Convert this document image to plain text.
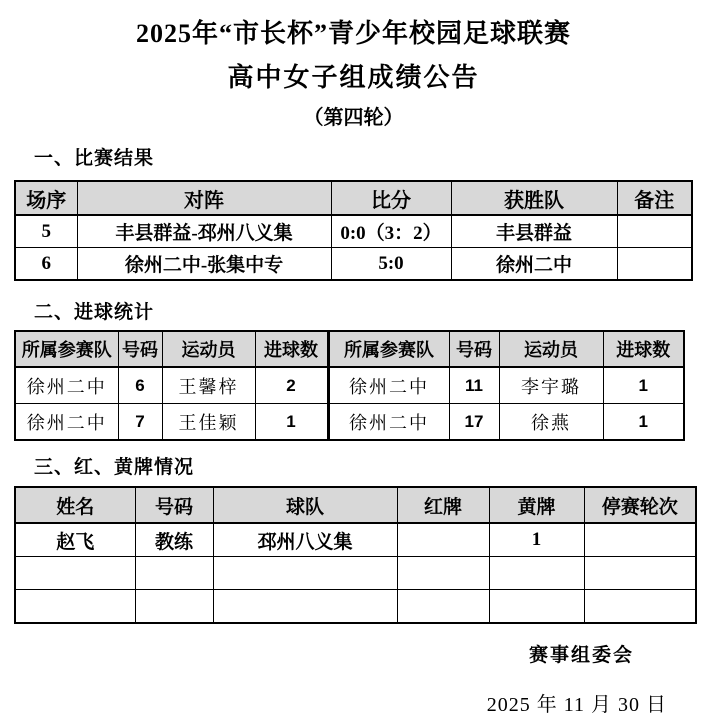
2025年“市长杯”青少年校园足球联赛
高中女子组成绩公告
（第四轮）
一、比赛结果
场序	对阵	比分	获胜队	备注
5	丰县群益-邳州八义集	0:0（3：2）	丰县群益	
6	徐州二中-张集中专	5:0	徐州二中	
二、进球统计
所属参赛队	号码	运动员	进球数	所属参赛队	号码	运动员	进球数
徐州二中	6	王馨梓	2	徐州二中	11	李宇璐	1
徐州二中	7	王佳颖	1	徐州二中	17	徐燕	1
三、红、黄牌情况
姓名	号码	球队	红牌	黄牌	停赛轮次
赵飞	教练	邳州八义集		1	

赛事组委会
2025 年 11 月 30 日
